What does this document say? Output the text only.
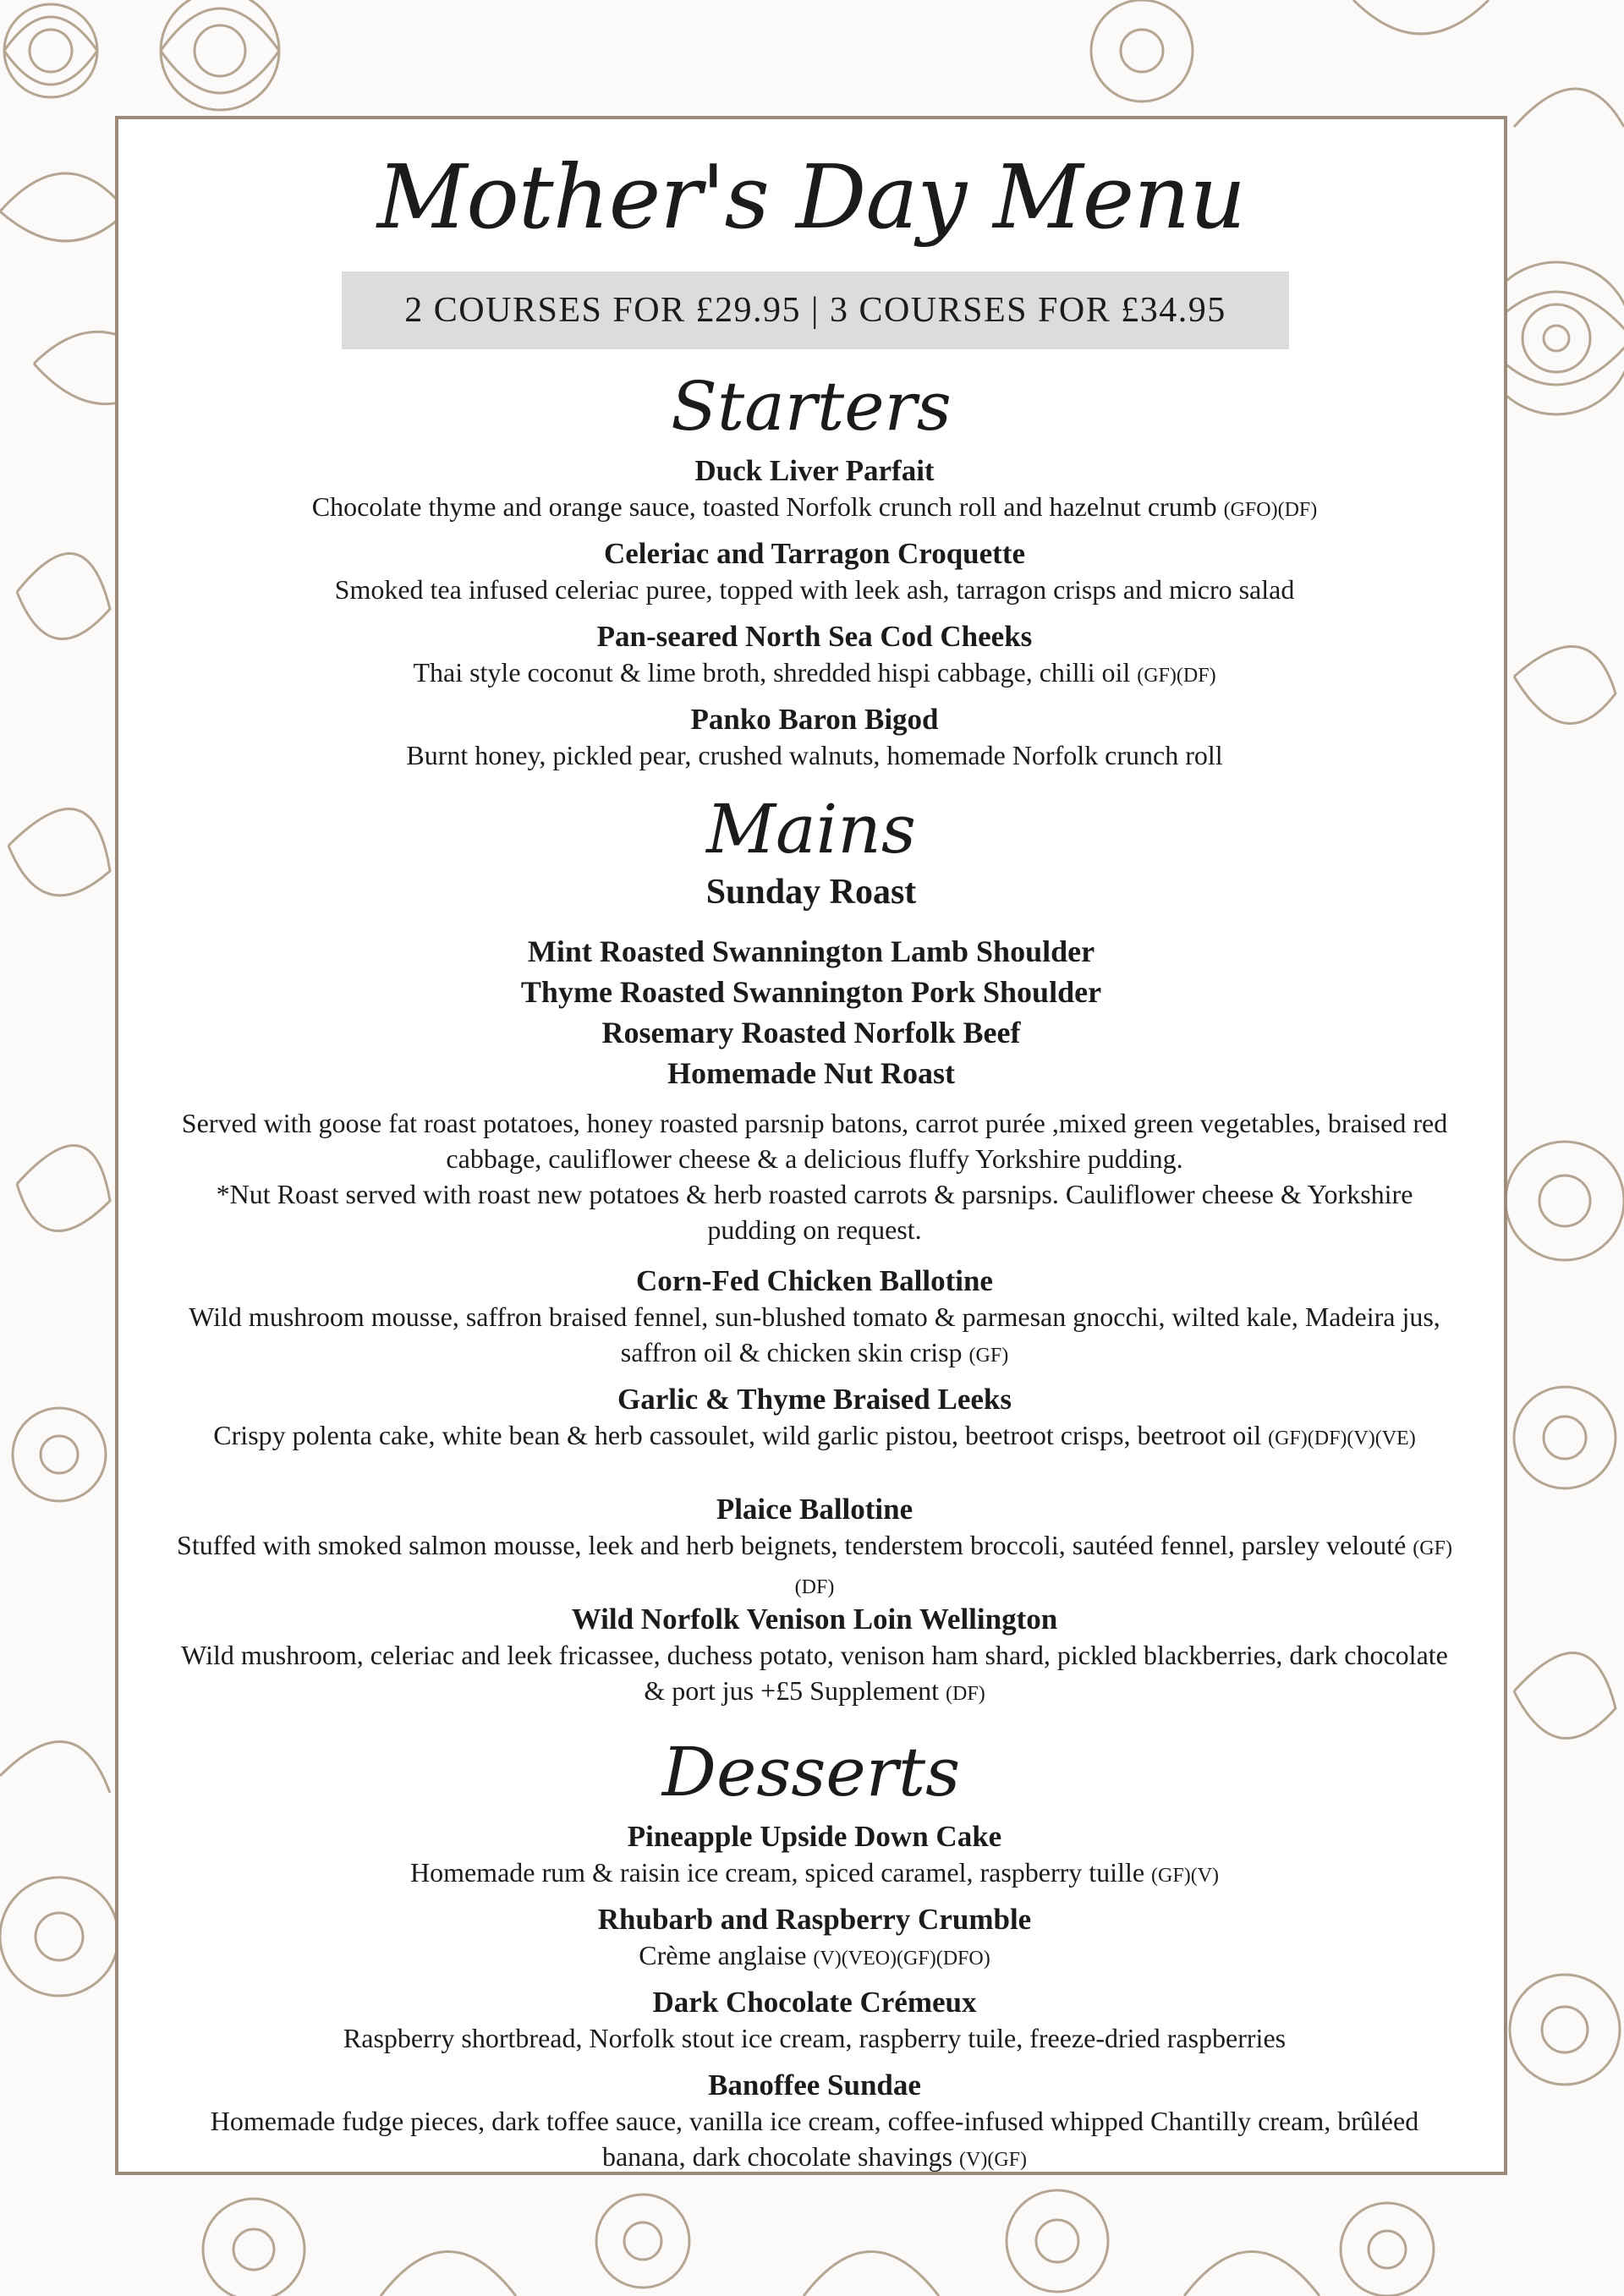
Mother's Day Menu
2 COURSES FOR £29.95 | 3 COURSES FOR £34.95
Starters
Duck Liver Parfait
Chocolate thyme and orange sauce, toasted Norfolk crunch roll and hazelnut crumb (GFO)(DF)
Celeriac and Tarragon Croquette
Smoked tea infused celeriac puree, topped with leek ash, tarragon crisps and micro salad
Pan-seared North Sea Cod Cheeks
Thai style coconut & lime broth, shredded hispi cabbage, chilli oil (GF)(DF)
Panko Baron Bigod
Burnt honey, pickled pear, crushed walnuts, homemade Norfolk crunch roll
Mains
Sunday Roast
Mint Roasted Swannington Lamb Shoulder
Thyme Roasted Swannington Pork Shoulder
Rosemary Roasted Norfolk Beef
Homemade Nut Roast
Served with goose fat roast potatoes, honey roasted parsnip batons, carrot purée ,mixed green vegetables, braised red cabbage, cauliflower cheese & a delicious fluffy Yorkshire pudding.
*Nut Roast served with roast new potatoes & herb roasted carrots & parsnips. Cauliflower cheese & Yorkshire pudding on request.
Corn-Fed Chicken Ballotine
Wild mushroom mousse, saffron braised fennel, sun-blushed tomato & parmesan gnocchi, wilted kale, Madeira jus, saffron oil & chicken skin crisp (GF)
Garlic & Thyme Braised Leeks
Crispy polenta cake, white bean & herb cassoulet, wild garlic pistou, beetroot crisps, beetroot oil (GF)(DF)(V)(VE)
Plaice Ballotine
Stuffed with smoked salmon mousse, leek and herb beignets, tenderstem broccoli, sautéed fennel, parsley velouté (GF)(DF)
Wild Norfolk Venison Loin Wellington
Wild mushroom, celeriac and leek fricassee, duchess potato, venison ham shard, pickled blackberries, dark chocolate & port jus +£5 Supplement (DF)
Desserts
Pineapple Upside Down Cake
Homemade rum & raisin ice cream, spiced caramel, raspberry tuille (GF)(V)
Rhubarb and Raspberry Crumble
Crème anglaise (V)(VEO)(GF)(DFO)
Dark Chocolate Crémeux
Raspberry shortbread, Norfolk stout ice cream, raspberry tuile, freeze-dried raspberries
Banoffee Sundae
Homemade fudge pieces, dark toffee sauce, vanilla ice cream, coffee-infused whipped Chantilly cream, brûléed banana, dark chocolate shavings (V)(GF)
